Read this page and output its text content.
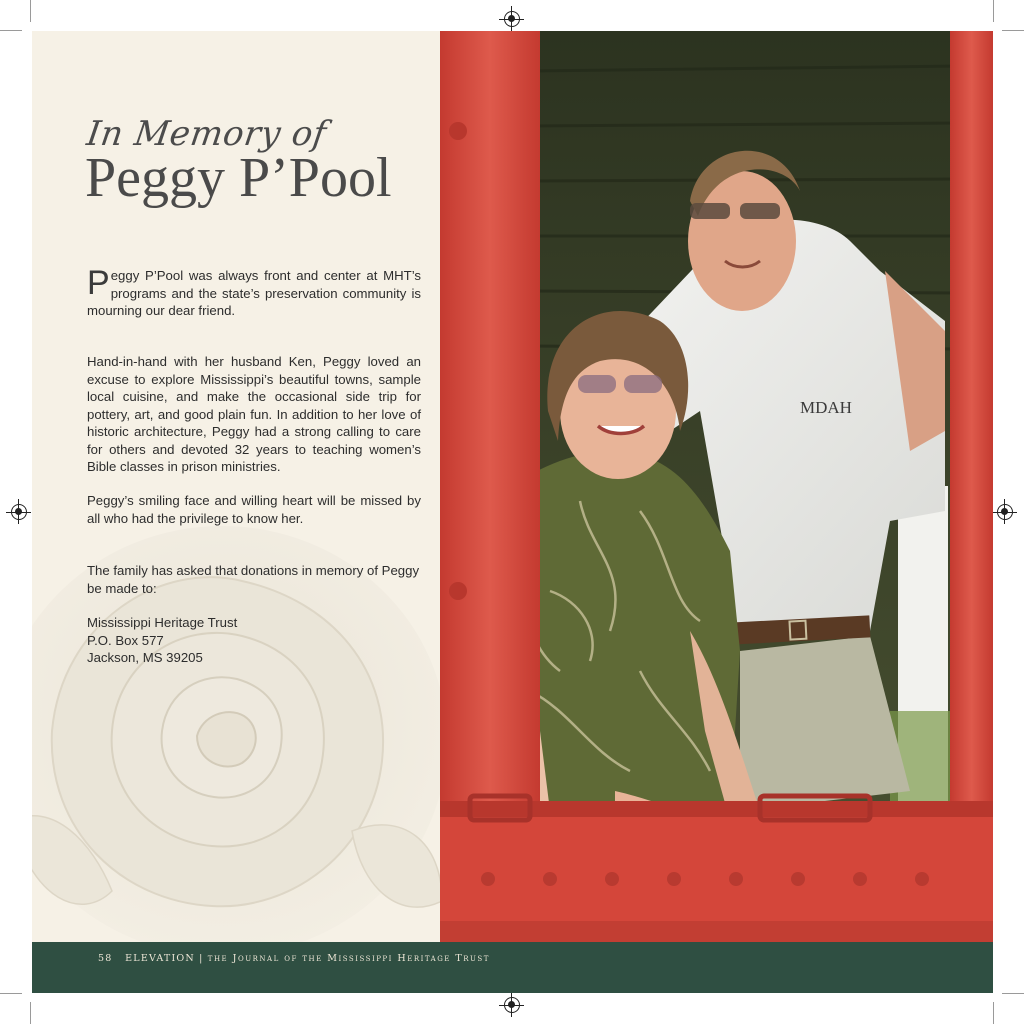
In Memory of
Peggy P’Pool

Peggy P’Pool was always front and center at MHT’s programs and the state’s preservation community is mourning our dear friend.

Hand-in-hand with her husband Ken, Peggy loved an excuse to explore Mississippi’s beautiful towns, sample local cuisine, and make the occasional side trip for pottery, art, and good plain fun. In addition to her love of historic architecture, Peggy had a strong calling to care for others and devoted 32 years to teaching women’s Bible classes in prison ministries.

Peggy’s smiling face and willing heart will be missed by all who had the privilege to know her.

The family has asked that donations in memory of Peggy be made to:

Mississippi Heritage Trust
P.O. Box 577
Jackson, MS 39205
MDAH
58 ELEVATION | the Journal of the Mississippi Heritage Trust
